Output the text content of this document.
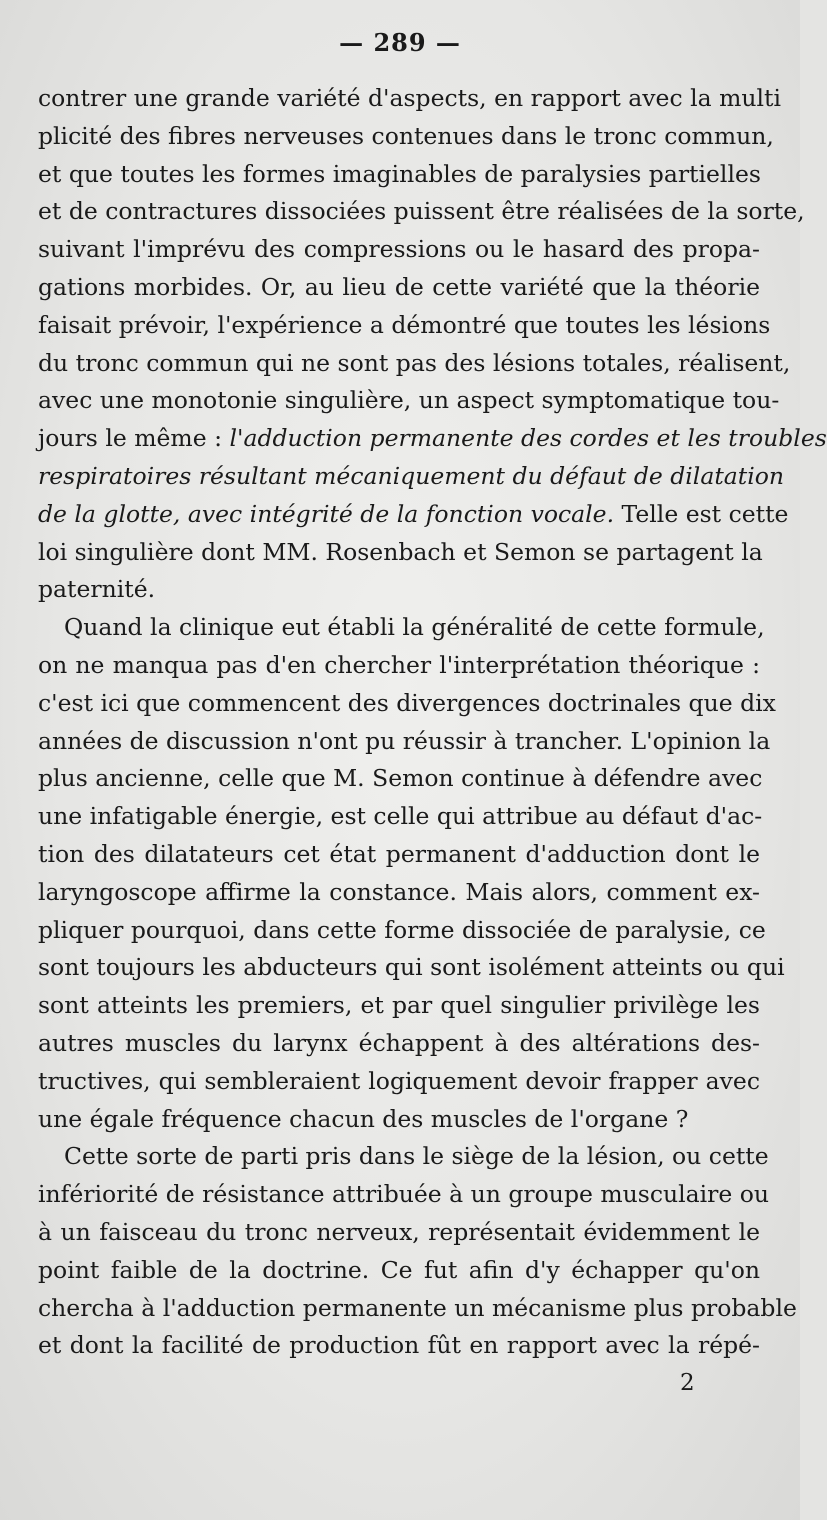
— 289 —
contrer une grande variété d'aspects, en rapport avec la multi
plicité des fibres nerveuses contenues dans le tronc commun,
et que toutes les formes imaginables de paralysies partielles
et de contractures dissociées puissent être réalisées de la sorte,
suivant l'imprévu des compressions ou le hasard des propa-
gations morbides. Or, au lieu de cette variété que la théorie
faisait prévoir, l'expérience a démontré que toutes les lésions
du tronc commun qui ne sont pas des lésions totales, réalisent,
avec une monotonie singulière, un aspect symptomatique tou-
jours le même : l'adduction permanente des cordes et les troubles
respiratoires résultant mécaniquement du défaut de dilatation
de la glotte, avec intégrité de la fonction vocale. Telle est cette
loi singulière dont MM. Rosenbach et Semon se partagent la
paternité.
Quand la clinique eut établi la généralité de cette formule,
on ne manqua pas d'en chercher l'interprétation théorique :
c'est ici que commencent des divergences doctrinales que dix
années de discussion n'ont pu réussir à trancher. L'opinion la
plus ancienne, celle que M. Semon continue à défendre avec
une infatigable énergie, est celle qui attribue au défaut d'ac-
tion des dilatateurs cet état permanent d'adduction dont le
laryngoscope affirme la constance. Mais alors, comment ex-
pliquer pourquoi, dans cette forme dissociée de paralysie, ce
sont toujours les abducteurs qui sont isolément atteints ou qui
sont atteints les premiers, et par quel singulier privilège les
autres muscles du larynx échappent à des altérations des-
tructives, qui sembleraient logiquement devoir frapper avec
une égale fréquence chacun des muscles de l'organe ?
Cette sorte de parti pris dans le siège de la lésion, ou cette
infériorité de résistance attribuée à un groupe musculaire ou
à un faisceau du tronc nerveux, représentait évidemment le
point faible de la doctrine. Ce fut afin d'y échapper qu'on
chercha à l'adduction permanente un mécanisme plus probable
et dont la facilité de production fût en rapport avec la répé-
2
